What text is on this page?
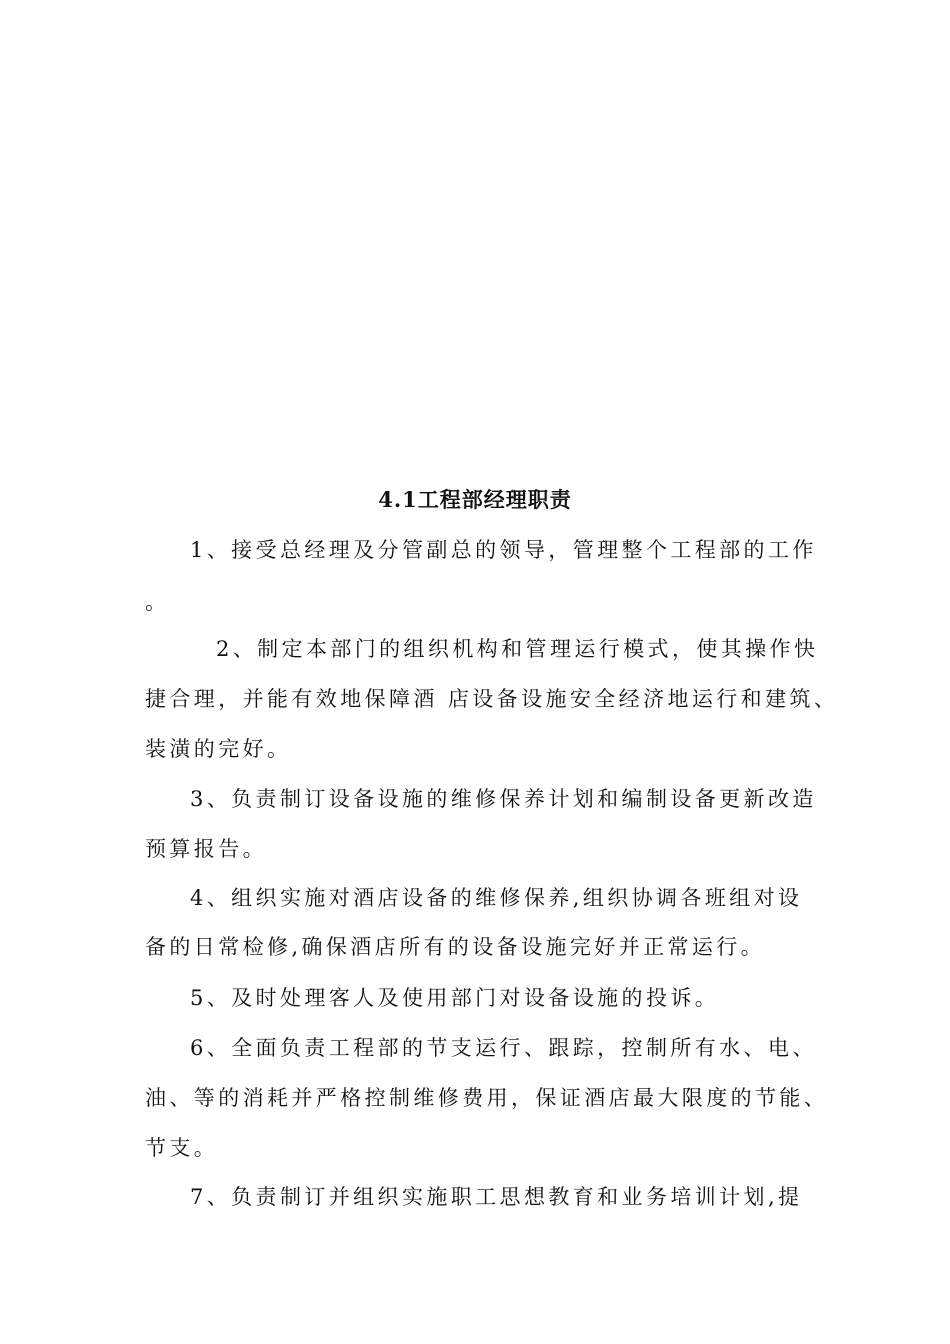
4.1工程部经理职责
1、接受总经理及分管副总的领导，管理整个工程部的工作
。
2、制定本部门的组织机构和管理运行模式，使其操作快
捷合理，并能有效地保障酒 店设备设施安全经济地运行和建筑、
装潢的完好。
3、负责制订设备设施的维修保养计划和编制设备更新改造
预算报告。
4、组织实施对酒店设备的维修保养,组织协调各班组对设
备的日常检修,确保酒店所有的设备设施完好并正常运行。
5、及时处理客人及使用部门对设备设施的投诉。
6、全面负责工程部的节支运行、跟踪，控制所有水、电、
油、等的消耗并严格控制维修费用，保证酒店最大限度的节能、
节支。
7、负责制订并组织实施职工思想教育和业务培训计划,提
